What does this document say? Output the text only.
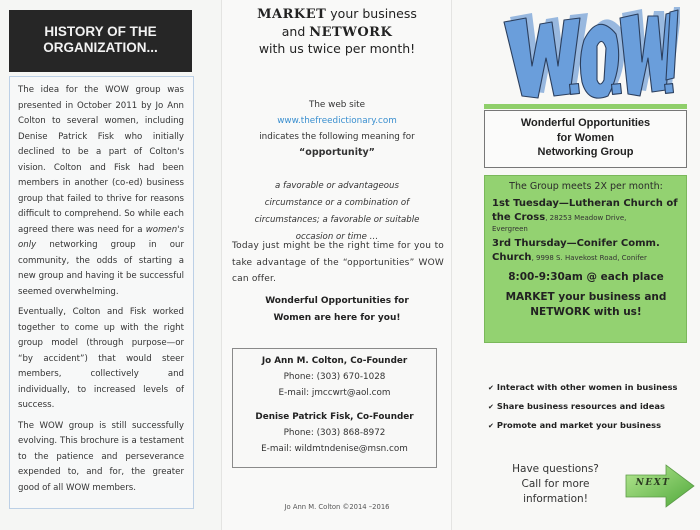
HISTORY OF THE
ORGANIZATION...

The idea for the WOW group was presented in October 2011 by Jo Ann Colton to several women, including Denise Patrick Fisk who initially declined to be a part of Colton's vision. Colton and Fisk had been members in another (co-ed) business group that failed to thrive for reasons difficult to comprehend. So while each agreed there was need for a women's only networking group in our community, the odds of starting a new group and having it be successful seemed overwhelming.

Eventually, Colton and Fisk worked together to come up with the right group model (through purpose—or “by accident”) that would steer members, collectively and individually, to increased levels of success.

The WOW group is still successfully evolving. This brochure is a testament to the patience and perseverance expended to, and for, the greater good of all WOW members.

MARKET your business
and NETWORK
with us twice per month!
The web site
www.thefreedictionary.com
indicates the following meaning for
“opportunity”
a favorable or advantageous
circumstance or a combination of
circumstances; a favorable or suitable
occasion or time …
Today just might be the right time for you to take advantage of the “opportunities” WOW can offer.
Wonderful Opportunities for
Women are here for you!
Jo Ann M. Colton, Co-Founder
Phone: (303) 670-1028
E-mail: jmccwrt@aol.com
Denise Patrick Fisk, Co-Founder
Phone: (303) 868-8972
E-mail: wildmtndenise@msn.com
Jo Ann M. Colton ©2014 –2016
Wonderful Opportunities
for Women
Networking Group
The Group meets 2X per month:
1st Tuesday—Lutheran Church of the Cross, 28253 Meadow Drive,
Evergreen
3rd Thursday—Conifer Comm. Church, 9998 S. Havekost Road, Conifer
8:00-9:30am @ each place
MARKET your business and
NETWORK with us!
✔ Interact with other women in business
✔ Share business resources and ideas
✔ Promote and market your business
Have questions?
Call for more
information!
NEXT
